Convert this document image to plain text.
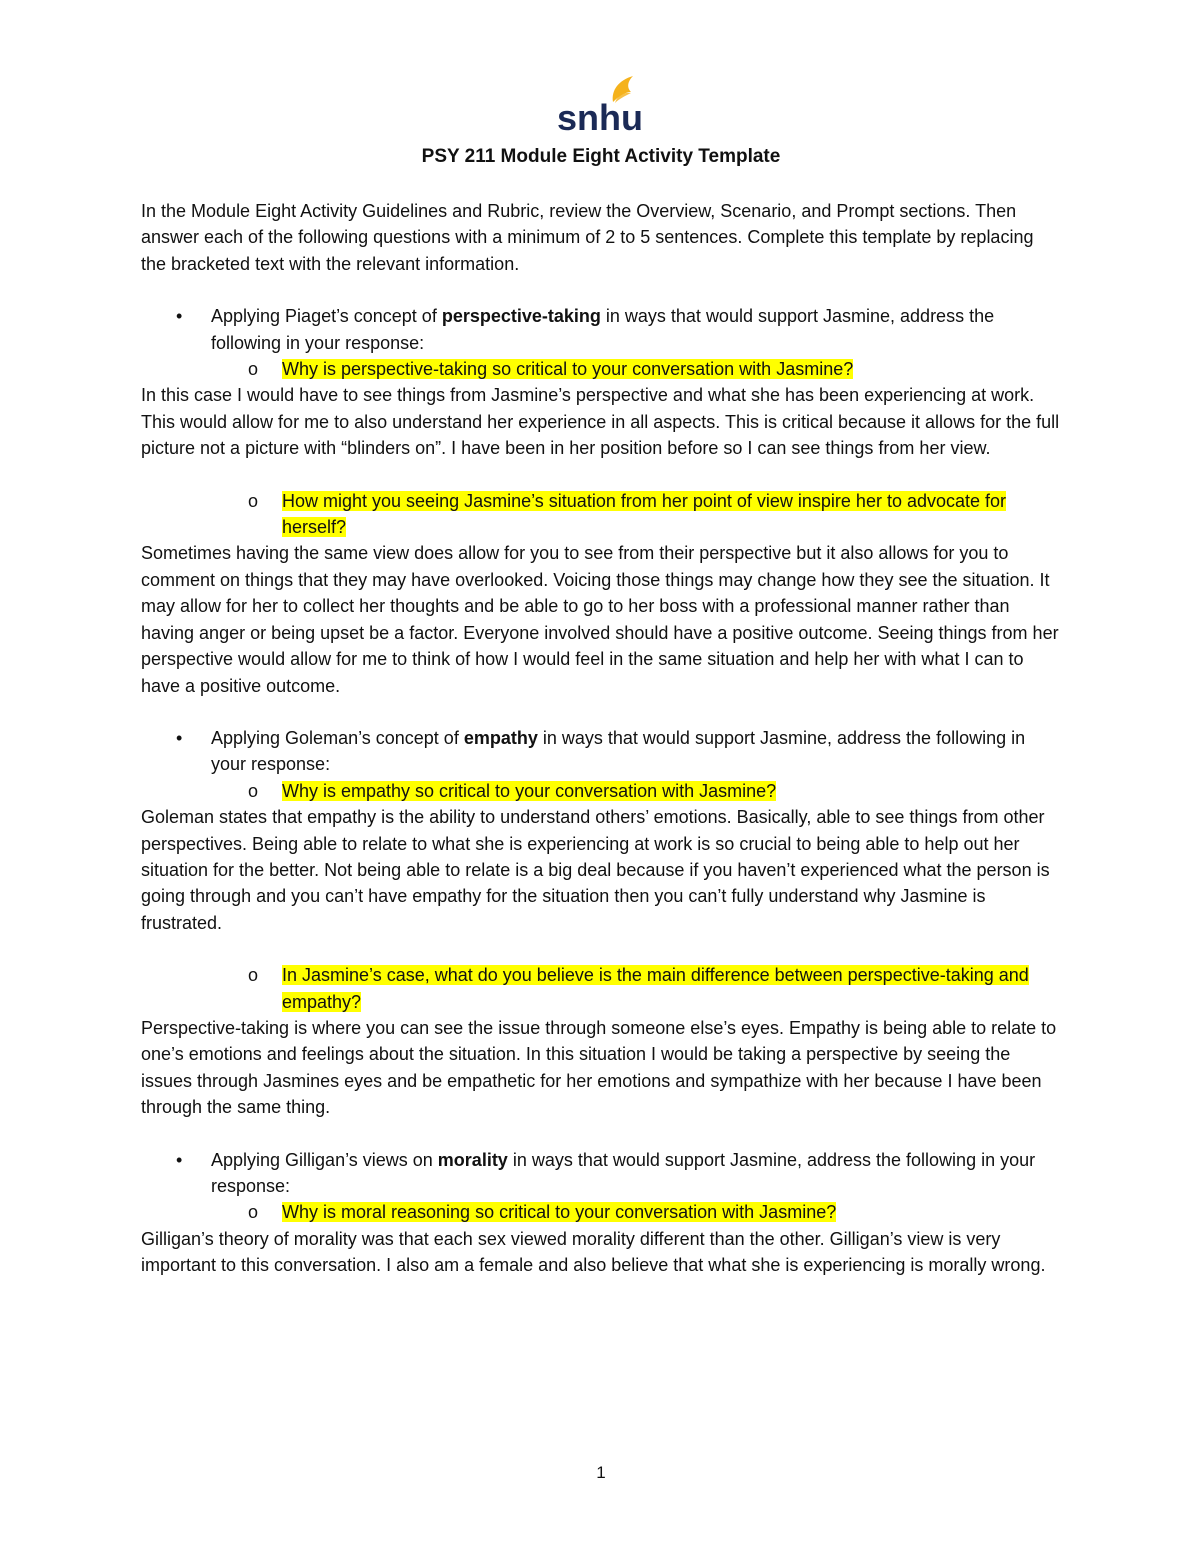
snhu
PSY 211 Module Eight Activity Template

In the Module Eight Activity Guidelines and Rubric, review the Overview, Scenario, and Prompt sections. Then answer each of the following questions with a minimum of 2 to 5 sentences. Complete this template by replacing the bracketed text with the relevant information.

• Applying Piaget’s concept of perspective-taking in ways that would support Jasmine, address the following in your response:
o Why is perspective-taking so critical to your conversation with Jasmine?

In this case I would have to see things from Jasmine’s perspective and what she has been experiencing at work. This would allow for me to also understand her experience in all aspects. This is critical because it allows for the full picture not a picture with “blinders on”. I have been in her position before so I can see things from her view.

o How might you seeing Jasmine’s situation from her point of view inspire her to advocate for herself?

Sometimes having the same view does allow for you to see from their perspective but it also allows for you to comment on things that they may have overlooked. Voicing those things may change how they see the situation. It may allow for her to collect her thoughts and be able to go to her boss with a professional manner rather than having anger or being upset be a factor. Everyone involved should have a positive outcome. Seeing things from her perspective would allow for me to think of how I would feel in the same situation and help her with what I can to have a positive outcome.

• Applying Goleman’s concept of empathy in ways that would support Jasmine, address the following in your response:
o Why is empathy so critical to your conversation with Jasmine?

Goleman states that empathy is the ability to understand others’ emotions. Basically, able to see things from other perspectives. Being able to relate to what she is experiencing at work is so crucial to being able to help out her situation for the better. Not being able to relate is a big deal because if you haven’t experienced what the person is going through and you can’t have empathy for the situation then you can’t fully understand why Jasmine is frustrated.

o In Jasmine’s case, what do you believe is the main difference between perspective-taking and empathy?

Perspective-taking is where you can see the issue through someone else’s eyes. Empathy is being able to relate to one’s emotions and feelings about the situation. In this situation I would be taking a perspective by seeing the issues through Jasmines eyes and be empathetic for her emotions and sympathize with her because I have been through the same thing.

• Applying Gilligan’s views on morality in ways that would support Jasmine, address the following in your response:
o Why is moral reasoning so critical to your conversation with Jasmine?

Gilligan’s theory of morality was that each sex viewed morality different than the other. Gilligan’s view is very important to this conversation. I also am a female and also believe that what she is experiencing is morally wrong.

1
